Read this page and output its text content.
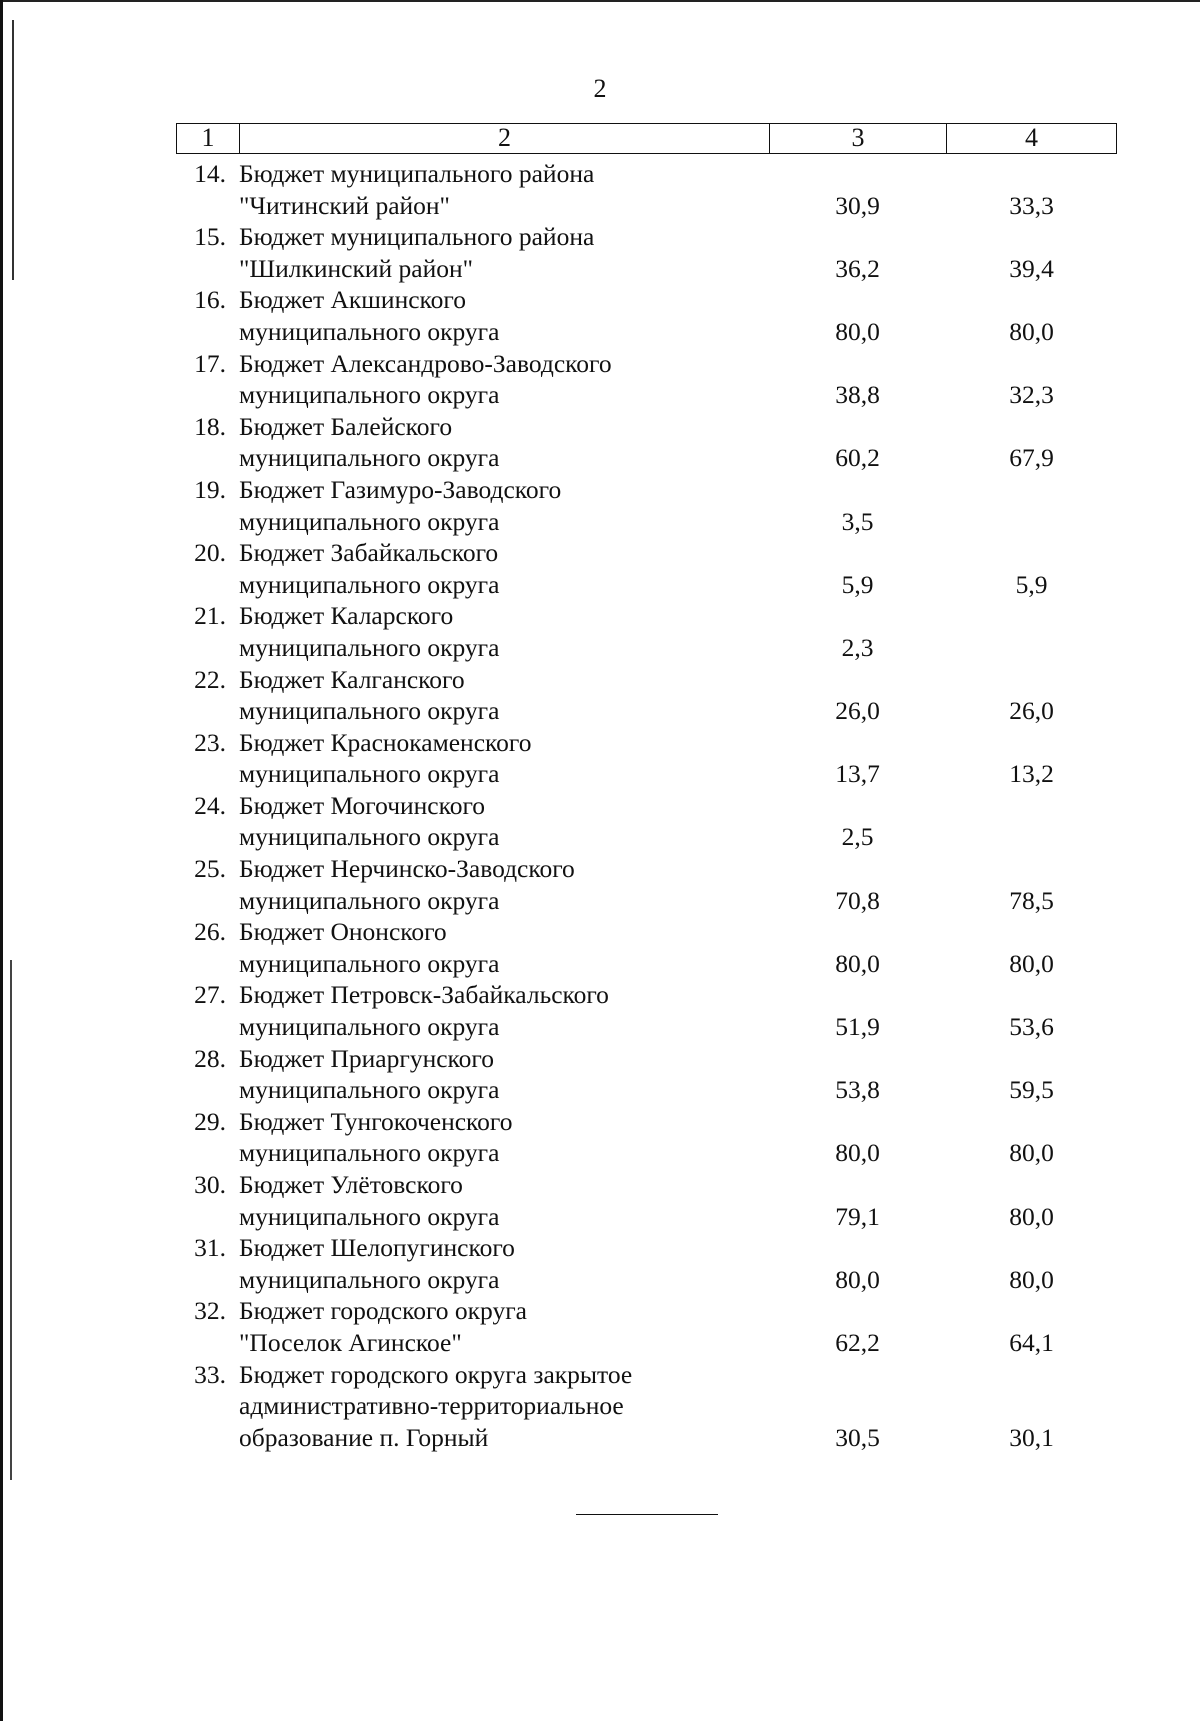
2
1	2	3	4
14. Бюджет муниципального района
"Читинский район"	30,9	33,3
15. Бюджет муниципального района
"Шилкинский район"	36,2	39,4
16. Бюджет Акшинского
муниципального округа	80,0	80,0
17. Бюджет Александрово-Заводского
муниципального округа	38,8	32,3
18. Бюджет Балейского
муниципального округа	60,2	67,9
19. Бюджет Газимуро-Заводского
муниципального округа	3,5
20. Бюджет Забайкальского
муниципального округа	5,9	5,9
21. Бюджет Каларского
муниципального округа	2,3
22. Бюджет Калганского
муниципального округа	26,0	26,0
23. Бюджет Краснокаменского
муниципального округа	13,7	13,2
24. Бюджет Могочинского
муниципального округа	2,5
25. Бюджет Нерчинско-Заводского
муниципального округа	70,8	78,5
26. Бюджет Ононского
муниципального округа	80,0	80,0
27. Бюджет Петровск-Забайкальского
муниципального округа	51,9	53,6
28. Бюджет Приаргунского
муниципального округа	53,8	59,5
29. Бюджет Тунгокоченского
муниципального округа	80,0	80,0
30. Бюджет Улётовского
муниципального округа	79,1	80,0
31. Бюджет Шелопугинского
муниципального округа	80,0	80,0
32. Бюджет городского округа
"Поселок Агинское"	62,2	64,1
33. Бюджет городского округа закрытое
административно-территориальное
образование п. Горный	30,5	30,1
